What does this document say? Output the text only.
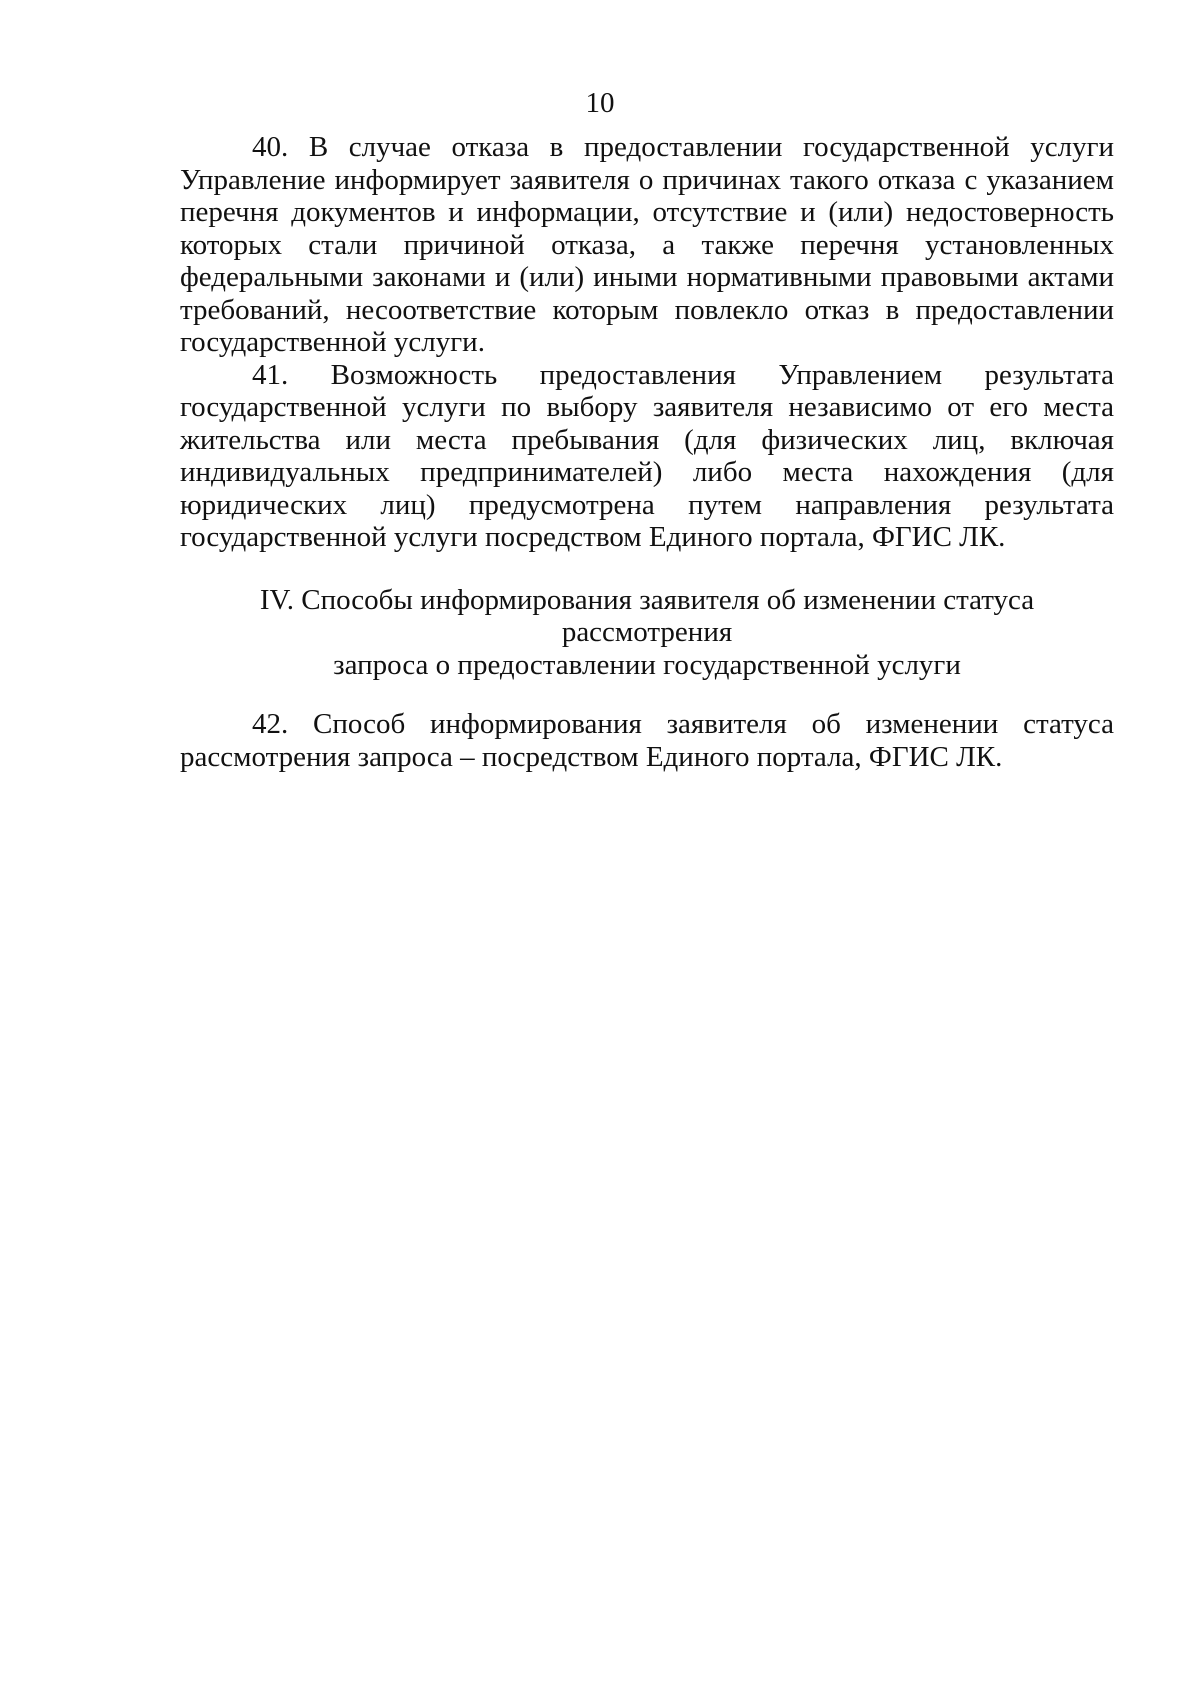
10

40. В случае отказа в предоставлении государственной услуги Управление информирует заявителя о причинах такого отказа с указанием перечня документов и информации, отсутствие и (или) недостоверность которых стали причиной отказа, а также перечня установленных федеральными законами и (или) иными нормативными правовыми актами требований, несоответствие которым повлекло отказ в предоставлении государственной услуги.

41. Возможность предоставления Управлением результата государственной услуги по выбору заявителя независимо от его места жительства или места пребывания (для физических лиц, включая индивидуальных предпринимателей) либо места нахождения (для юридических лиц) предусмотрена путем направления результата государственной услуги посредством Единого портала, ФГИС ЛК.

IV. Способы информирования заявителя об изменении статуса рассмотрения
запроса о предоставлении государственной услуги

42. Способ информирования заявителя об изменении статуса рассмотрения запроса – посредством Единого портала, ФГИС ЛК.
